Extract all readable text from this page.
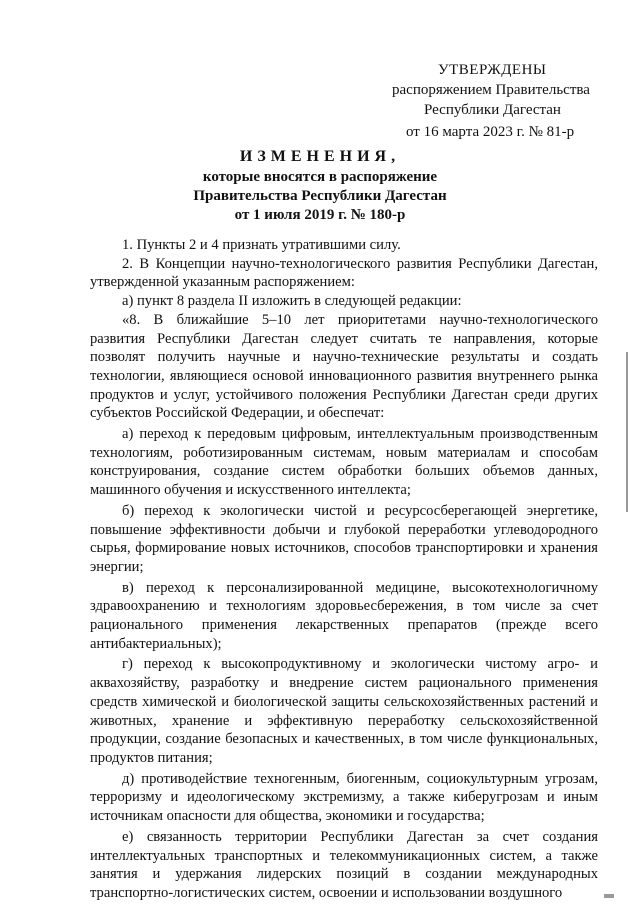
УТВЕРЖДЕНЫ
распоряжением Правительства
Республики Дагестан
от 16 марта 2023 г. № 81-р
ИЗМЕНЕНИЯ,
которые вносятся в распоряжение
Правительства Республики Дагестан
от 1 июля 2019 г. № 180-р

1. Пункты 2 и 4 признать утратившими силу.

2. В Концепции научно-технологического развития Республики Дагестан, утвержденной указанным распоряжением:

а) пункт 8 раздела II изложить в следующей редакции:

«8. В ближайшие 5–10 лет приоритетами научно-технологического развития Республики Дагестан следует считать те направления, которые позволят получить научные и научно-технические результаты и создать технологии, являющиеся основой инновационного развития внутреннего рынка продуктов и услуг, устойчивого положения Республики Дагестан среди других субъектов Российской Федерации, и обеспечат:

а) переход к передовым цифровым, интеллектуальным производственным технологиям, роботизированным системам, новым материалам и способам конструирования, создание систем обработки больших объемов данных, машинного обучения и искусственного интеллекта;

б) переход к экологически чистой и ресурсосберегающей энергетике, повышение эффективности добычи и глубокой переработки углеводородного сырья, формирование новых источников, способов транспортировки и хранения энергии;

в) переход к персонализированной медицине, высокотехнологичному здравоохранению и технологиям здоровьесбережения, в том числе за счет рационального применения лекарственных препаратов (прежде всего антибактериальных);

г) переход к высокопродуктивному и экологически чистому агро- и аквахозяйству, разработку и внедрение систем рационального применения средств химической и биологической защиты сельскохозяйственных растений и животных, хранение и эффективную переработку сельскохозяйственной продукции, создание безопасных и качественных, в том числе функциональных, продуктов питания;

д) противодействие техногенным, биогенным, социокультурным угрозам, терроризму и идеологическому экстремизму, а также киберугрозам и иным источникам опасности для общества, экономики и государства;

е) связанность территории Республики Дагестан за счет создания интеллектуальных транспортных и телекоммуникационных систем, а также занятия и удержания лидерских позиций в создании международных транспортно-логистических систем, освоении и использовании воздушного
